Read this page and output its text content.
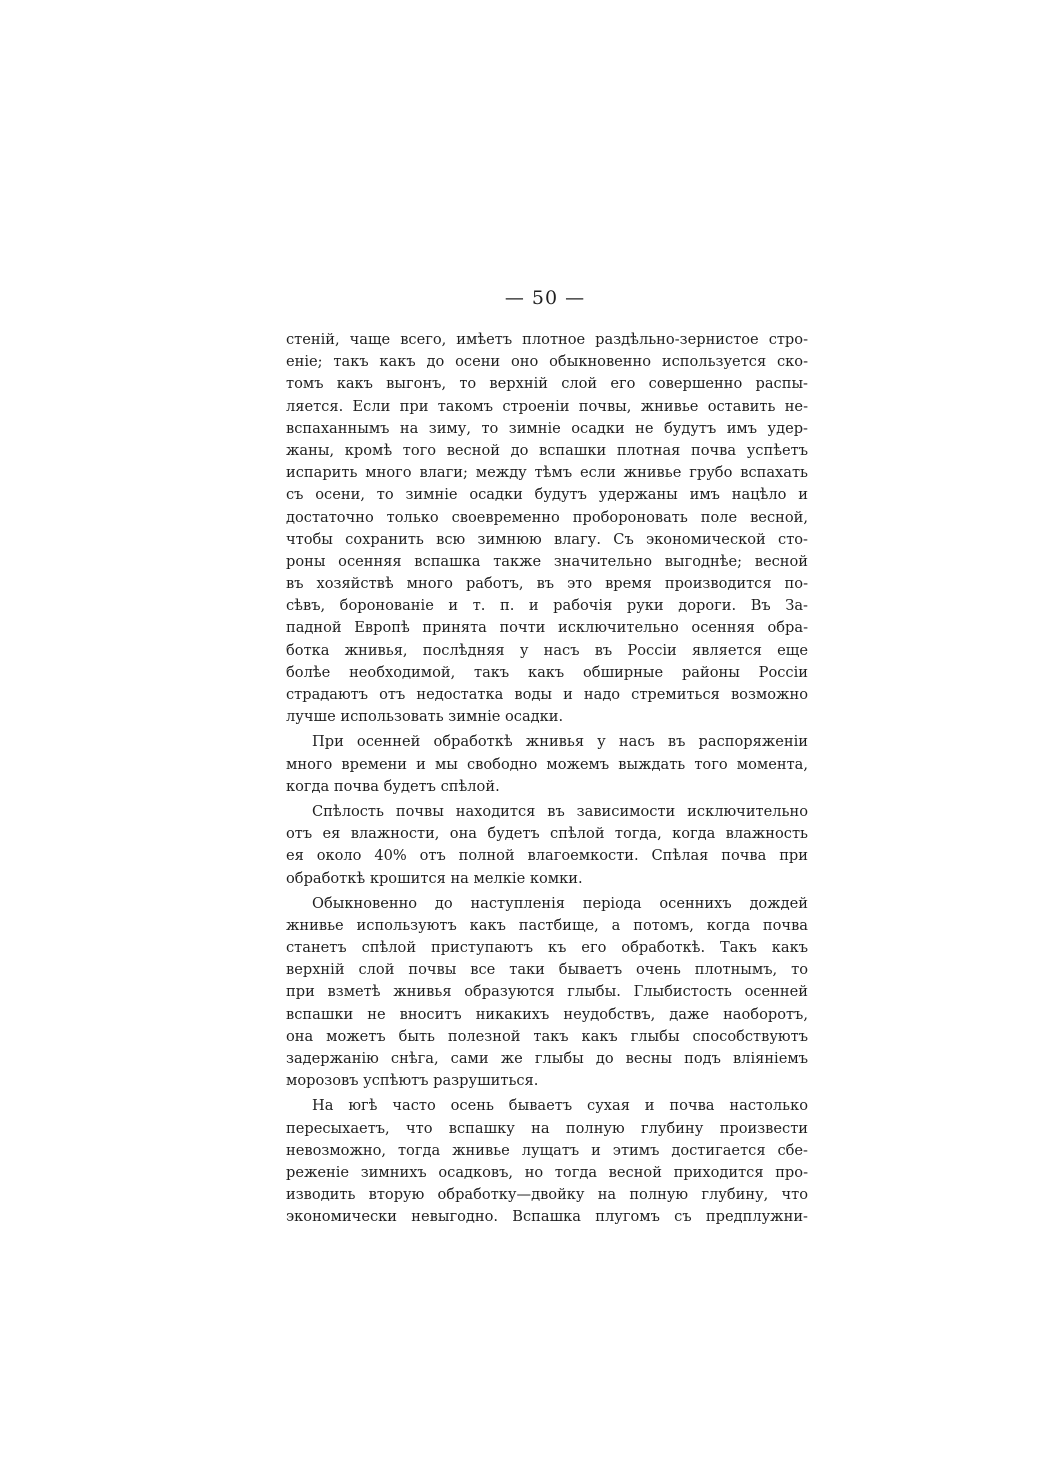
— 50 —
стеній, чаще всего, имѣетъ плотное раздѣльно-зернистое стро-
еніе; такъ какъ до осени оно обыкновенно используется ско-
томъ какъ выгонъ, то верхній слой его совершенно распы-
ляется. Если при такомъ строеніи почвы, жнивье оставить не-
вспаханнымъ на зиму, то зимніе осадки не будутъ имъ удер-
жаны, кромѣ того весной до вспашки плотная почва успѣетъ
испарить много влаги; между тѣмъ если жнивье грубо вспахать
съ осени, то зимніе осадки будутъ удержаны имъ нацѣло и
достаточно только своевременно пробороновать поле весной,
чтобы сохранить всю зимнюю влагу. Съ экономической сто-
роны осенняя вспашка также значительно выгоднѣе; весной
въ хозяйствѣ много работъ, въ это время производится по-
сѣвъ, боронованіе и т. п. и рабочія руки дороги. Въ За-
падной Европѣ принята почти исключительно осенняя обра-
ботка жнивья, послѣдняя у насъ въ Россіи является еще
болѣе необходимой, такъ какъ обширные районы Россіи
страдаютъ отъ недостатка воды и надо стремиться возможно
лучше использовать зимніе осадки.
При осенней обработкѣ жнивья у насъ въ распоряженіи
много времени и мы свободно можемъ выждать того момента,
когда почва будетъ спѣлой.
Спѣлость почвы находится въ зависимости исключительно
отъ ея влажности, она будетъ спѣлой тогда, когда влажность
ея около 40% отъ полной влагоемкости. Спѣлая почва при
обработкѣ крошится на мелкіе комки.
Обыкновенно до наступленія періода осеннихъ дождей
жнивье используютъ какъ пастбище, а потомъ, когда почва
станетъ спѣлой приступаютъ къ его обработкѣ. Такъ какъ
верхній слой почвы все таки бываетъ очень плотнымъ, то
при взметѣ жнивья образуются глыбы. Глыбистость осенней
вспашки не вноситъ никакихъ неудобствъ, даже наоборотъ,
она можетъ быть полезной такъ какъ глыбы способствуютъ
задержанію снѣга, сами же глыбы до весны подъ вліяніемъ
морозовъ успѣютъ разрушиться.
На югѣ часто осень бываетъ сухая и почва настолько
пересыхаетъ, что вспашку на полную глубину произвести
невозможно, тогда жнивье лущатъ и этимъ достигается сбе-
реженіе зимнихъ осадковъ, но тогда весной приходится про-
изводить вторую обработку—двойку на полную глубину, что
экономически невыгодно. Вспашка плугомъ съ предплужни-
